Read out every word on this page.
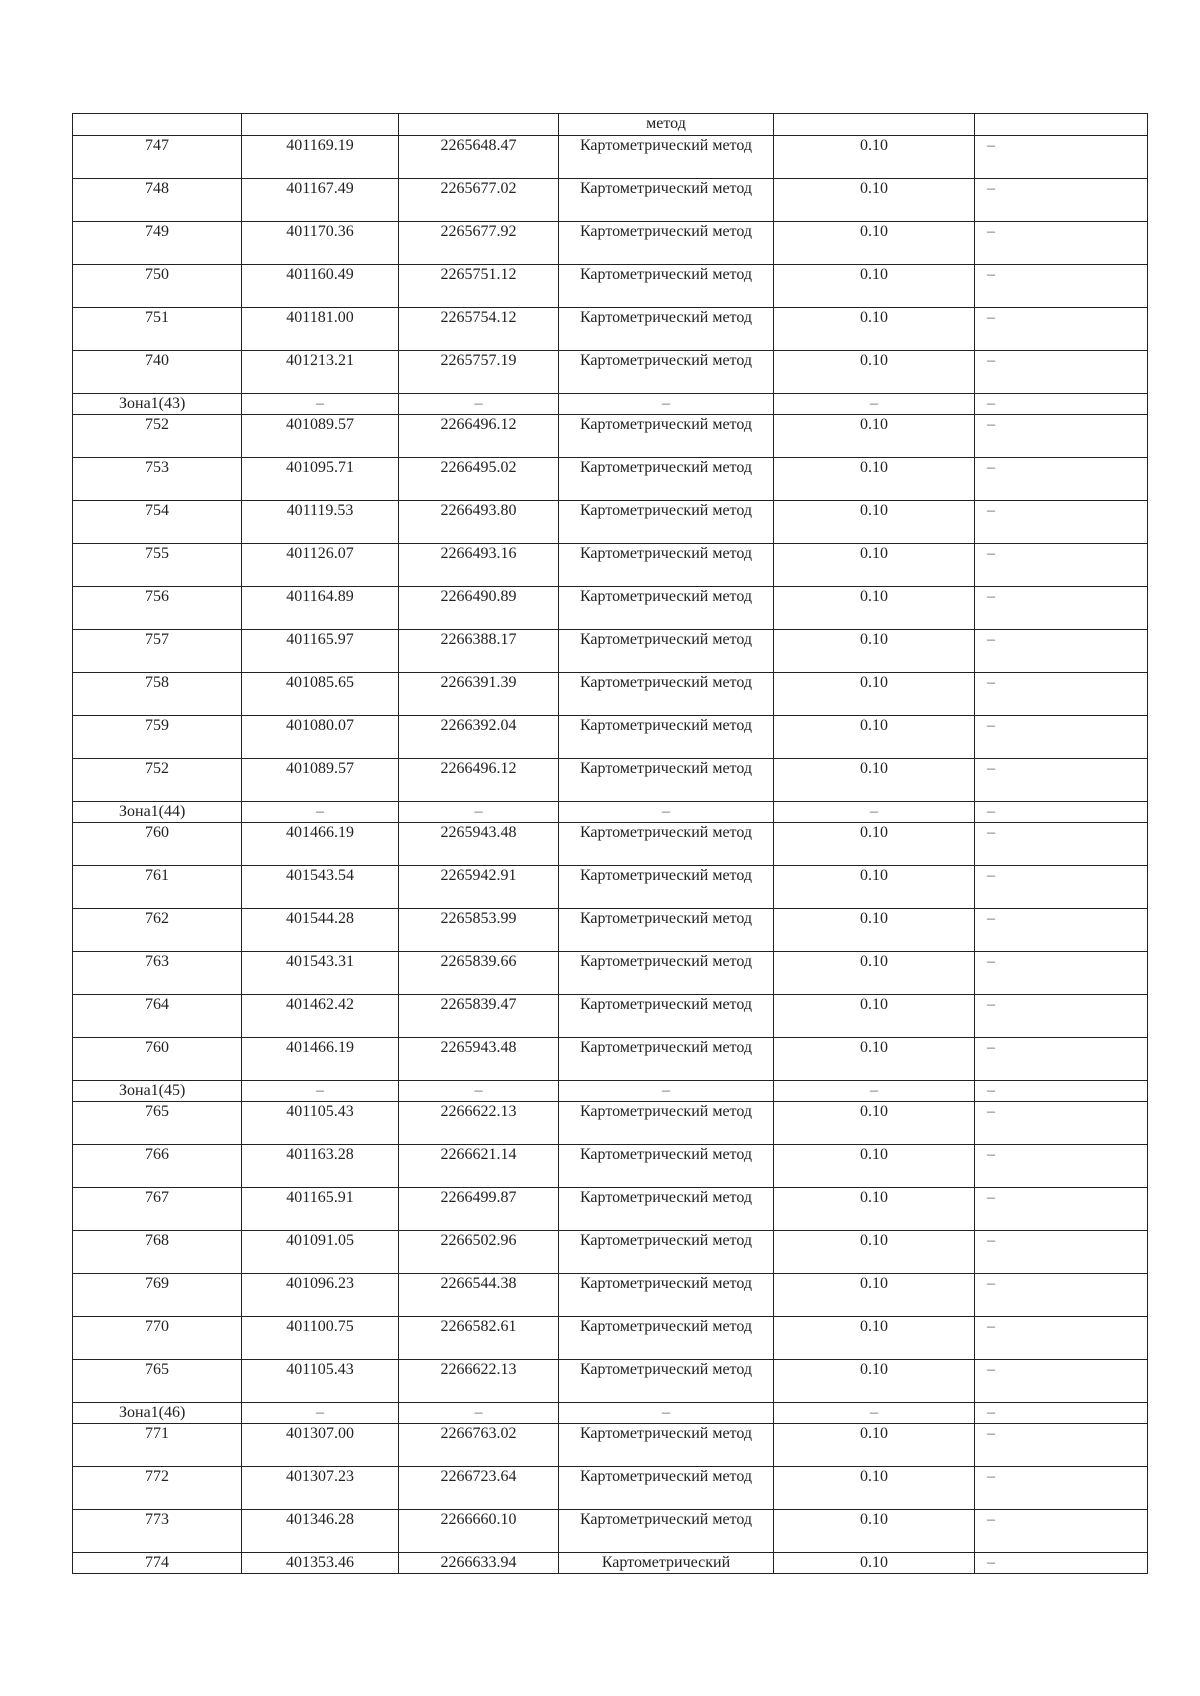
			метод		
747	401169.19	2265648.47	Картометрический метод	0.10	–
748	401167.49	2265677.02	Картометрический метод	0.10	–
749	401170.36	2265677.92	Картометрический метод	0.10	–
750	401160.49	2265751.12	Картометрический метод	0.10	–
751	401181.00	2265754.12	Картометрический метод	0.10	–
740	401213.21	2265757.19	Картометрический метод	0.10	–
Зона1(43)	–	–	–	–	–
752	401089.57	2266496.12	Картометрический метод	0.10	–
753	401095.71	2266495.02	Картометрический метод	0.10	–
754	401119.53	2266493.80	Картометрический метод	0.10	–
755	401126.07	2266493.16	Картометрический метод	0.10	–
756	401164.89	2266490.89	Картометрический метод	0.10	–
757	401165.97	2266388.17	Картометрический метод	0.10	–
758	401085.65	2266391.39	Картометрический метод	0.10	–
759	401080.07	2266392.04	Картометрический метод	0.10	–
752	401089.57	2266496.12	Картометрический метод	0.10	–
Зона1(44)	–	–	–	–	–
760	401466.19	2265943.48	Картометрический метод	0.10	–
761	401543.54	2265942.91	Картометрический метод	0.10	–
762	401544.28	2265853.99	Картометрический метод	0.10	–
763	401543.31	2265839.66	Картометрический метод	0.10	–
764	401462.42	2265839.47	Картометрический метод	0.10	–
760	401466.19	2265943.48	Картометрический метод	0.10	–
Зона1(45)	–	–	–	–	–
765	401105.43	2266622.13	Картометрический метод	0.10	–
766	401163.28	2266621.14	Картометрический метод	0.10	–
767	401165.91	2266499.87	Картометрический метод	0.10	–
768	401091.05	2266502.96	Картометрический метод	0.10	–
769	401096.23	2266544.38	Картометрический метод	0.10	–
770	401100.75	2266582.61	Картометрический метод	0.10	–
765	401105.43	2266622.13	Картометрический метод	0.10	–
Зона1(46)	–	–	–	–	–
771	401307.00	2266763.02	Картометрический метод	0.10	–
772	401307.23	2266723.64	Картометрический метод	0.10	–
773	401346.28	2266660.10	Картометрический метод	0.10	–
774	401353.46	2266633.94	Картометрический	0.10	–
